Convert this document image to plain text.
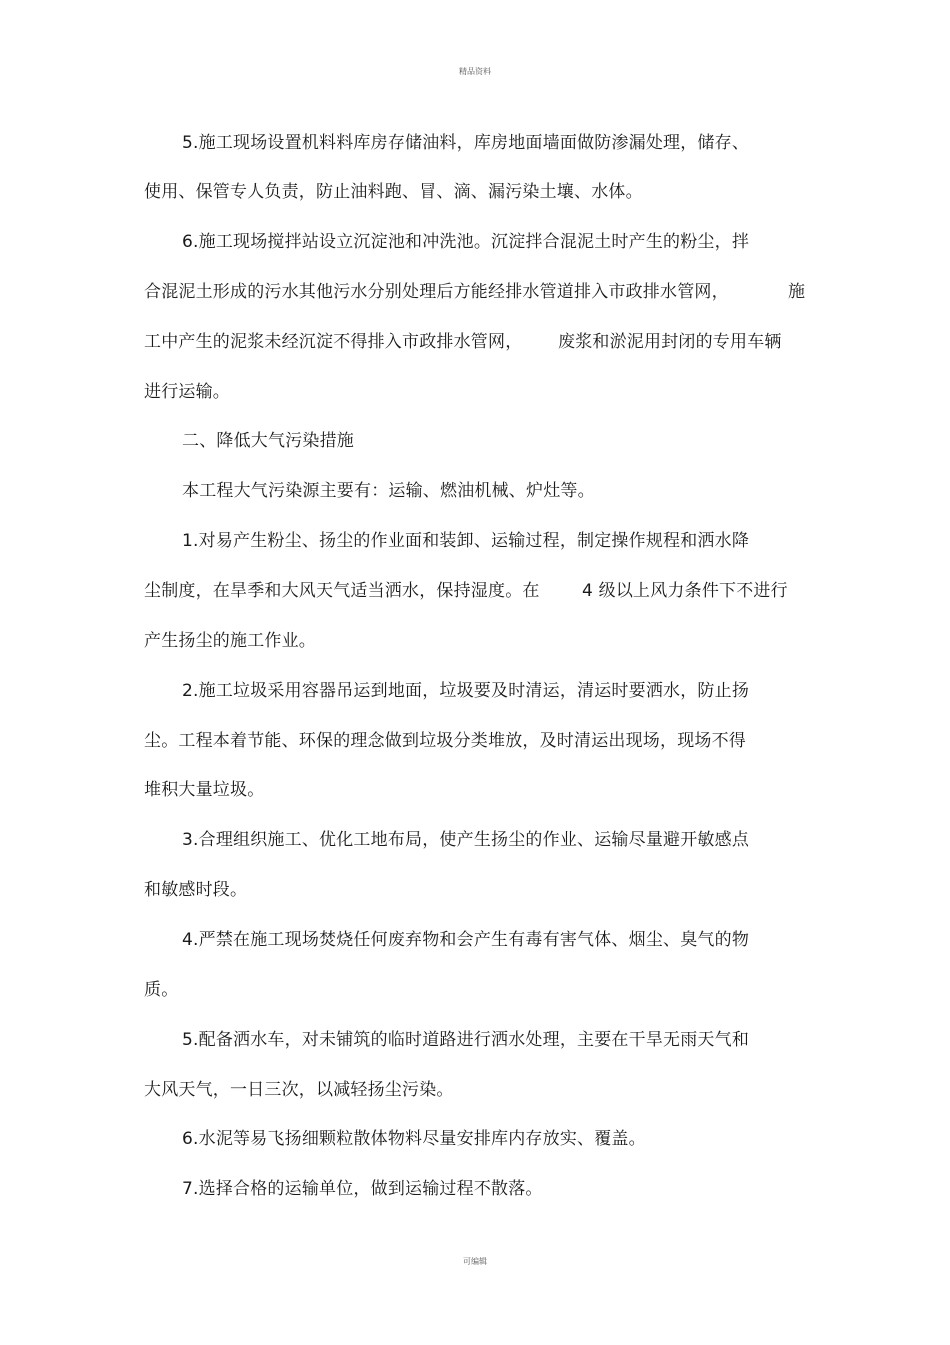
精品资料
5.施工现场设置机料料库房存储油料，库房地面墙面做防渗漏处理，储存、
使用、保管专人负责，防止油料跑、冒、滴、漏污染土壤、水体。
6.施工现场搅拌站设立沉淀池和冲洗池。沉淀拌合混泥土时产生的粉尘，拌
合混泥土形成的污水其他污水分别处理后方能经排水管道排入市政排水管网，	施
工中产生的泥浆未经沉淀不得排入市政排水管网， 废浆和淤泥用封闭的专用车辆
进行运输。
二、降低大气污染措施
本工程大气污染源主要有：运输、燃油机械、炉灶等。
1.对易产生粉尘、扬尘的作业面和装卸、运输过程，制定操作规程和洒水降
尘制度，在旱季和大风天气适当洒水，保持湿度。在 4 级以上风力条件下不进行
产生扬尘的施工作业。
2.施工垃圾采用容器吊运到地面，垃圾要及时清运，清运时要洒水，防止扬
尘。工程本着节能、环保的理念做到垃圾分类堆放，及时清运出现场，现场不得
堆积大量垃圾。
3.合理组织施工、优化工地布局，使产生扬尘的作业、运输尽量避开敏感点
和敏感时段。
4.严禁在施工现场焚烧任何废弃物和会产生有毒有害气体、烟尘、臭气的物
质。
5.配备洒水车，对未铺筑的临时道路进行洒水处理，主要在干旱无雨天气和
大风天气，一日三次，以减轻扬尘污染。
6.水泥等易飞扬细颗粒散体物料尽量安排库内存放实、覆盖。
7.选择合格的运输单位，做到运输过程不散落。
可编辑
